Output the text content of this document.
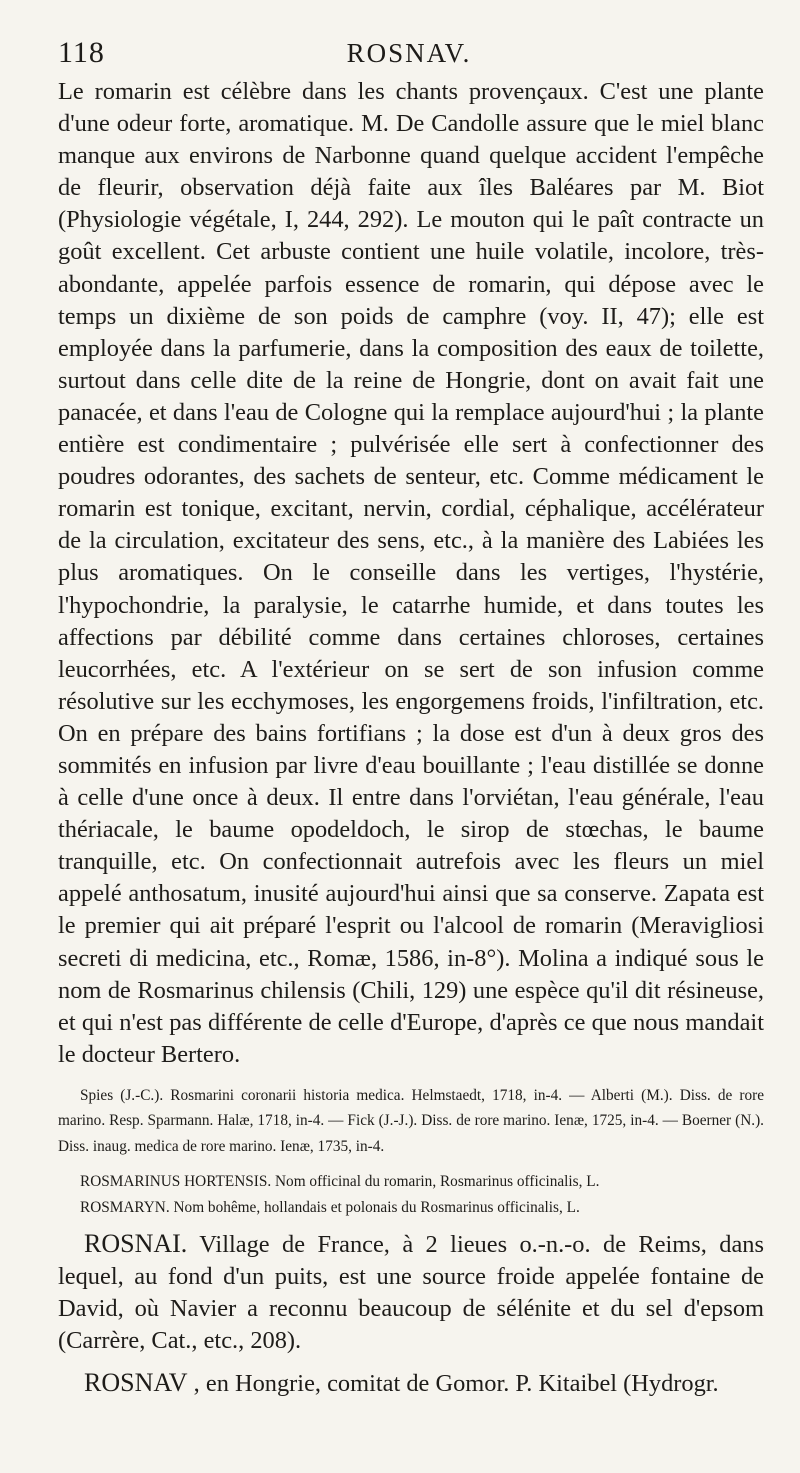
118	ROSNAV.

Le romarin est célèbre dans les chants provençaux. C'est une plante d'une odeur forte, aromatique. M. De Candolle assure que le miel blanc manque aux environs de Narbonne quand quelque accident l'empêche de fleurir, observation déjà faite aux îles Baléares par M. Biot (Physiologie végétale, I, 244, 292). Le mouton qui le paît contracte un goût excellent. Cet arbuste contient une huile volatile, incolore, très-abondante, appelée parfois essence de romarin, qui dépose avec le temps un dixième de son poids de camphre (voy. II, 47); elle est employée dans la parfumerie, dans la composition des eaux de toilette, surtout dans celle dite de la reine de Hongrie, dont on avait fait une panacée, et dans l'eau de Cologne qui la remplace aujourd'hui ; la plante entière est condimentaire ; pulvérisée elle sert à confectionner des poudres odorantes, des sachets de senteur, etc. Comme médicament le romarin est tonique, excitant, nervin, cordial, céphalique, accélérateur de la circulation, excitateur des sens, etc., à la manière des Labiées les plus aromatiques. On le conseille dans les vertiges, l'hystérie, l'hypochondrie, la paralysie, le catarrhe humide, et dans toutes les affections par débilité comme dans certaines chloroses, certaines leucorrhées, etc. A l'extérieur on se sert de son infusion comme résolutive sur les ecchymoses, les engorgemens froids, l'infiltration, etc. On en prépare des bains fortifians ; la dose est d'un à deux gros des sommités en infusion par livre d'eau bouillante ; l'eau distillée se donne à celle d'une once à deux. Il entre dans l'orviétan, l'eau générale, l'eau thériacale, le baume opodeldoch, le sirop de stœchas, le baume tranquille, etc. On confectionnait autrefois avec les fleurs un miel appelé anthosatum, inusité aujourd'hui ainsi que sa conserve. Zapata est le premier qui ait préparé l'esprit ou l'alcool de romarin (Meravigliosi secreti di medicina, etc., Romæ, 1586, in-8°). Molina a indiqué sous le nom de Rosmarinus chilensis (Chili, 129) une espèce qu'il dit résineuse, et qui n'est pas différente de celle d'Europe, d'après ce que nous mandait le docteur Bertero.

Spies (J.-C.). Rosmarini coronarii historia medica. Helmstaedt, 1718, in-4. — Alberti (M.). Diss. de rore marino. Resp. Sparmann. Halæ, 1718, in-4. — Fick (J.-J.). Diss. de rore marino. Ienæ, 1725, in-4. — Boerner (N.). Diss. inaug. medica de rore marino. Ienæ, 1735, in-4.

ROSMARINUS HORTENSIS. Nom officinal du romarin, Rosmarinus officinalis, L.

ROSMARYN. Nom bohême, hollandais et polonais du Rosmarinus officinalis, L.

ROSNAI. Village de France, à 2 lieues o.-n.-o. de Reims, dans lequel, au fond d'un puits, est une source froide appelée fontaine de David, où Navier a reconnu beaucoup de sélénite et du sel d'epsom (Carrère, Cat., etc., 208).

ROSNAV , en Hongrie, comitat de Gomor. P. Kitaibel (Hydrogr.
